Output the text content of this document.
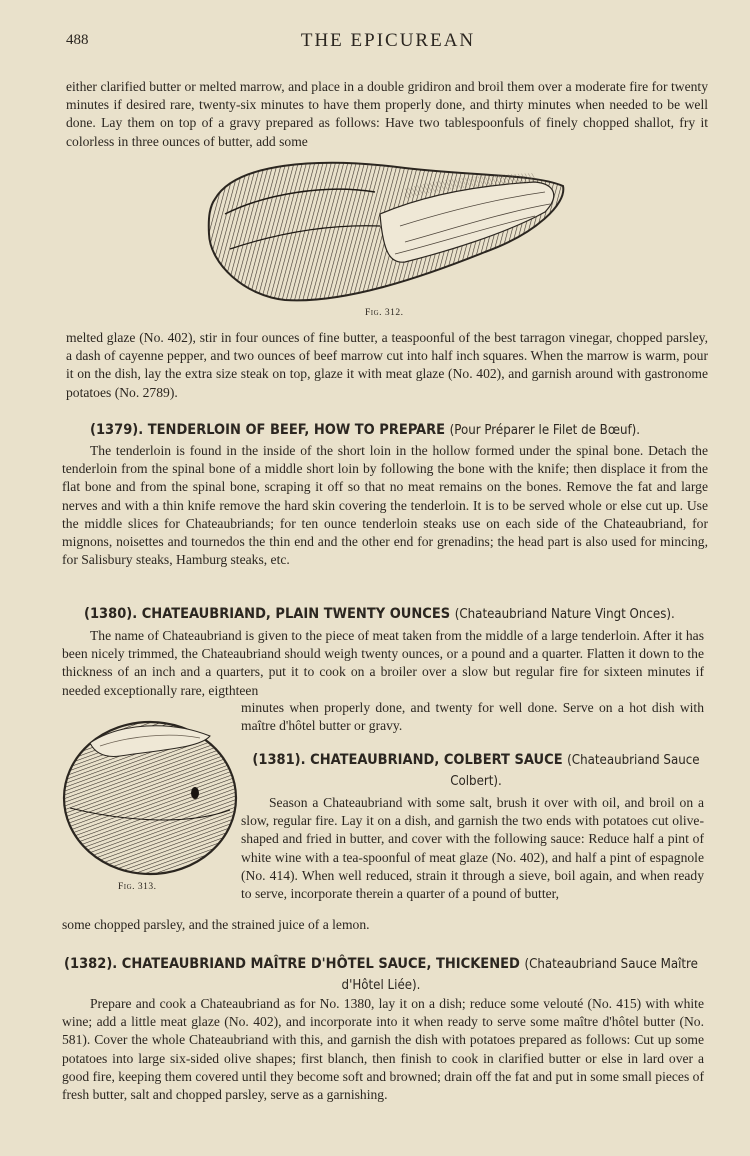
488	THE EPICUREAN

either clarified butter or melted marrow, and place in a double gridiron and broil them over a moderate fire for twenty minutes if desired rare, twenty-six minutes to have them properly done, and thirty minutes when needed to be well done. Lay them on top of a gravy prepared as follows: Have two tablespoonfuls of finely chopped shallot, fry it colorless in three ounces of butter, add some

Fig. 312.

melted glaze (No. 402), stir in four ounces of fine butter, a teaspoonful of the best tarragon vinegar, chopped parsley, a dash of cayenne pepper, and two ounces of beef marrow cut into half inch squares. When the marrow is warm, pour it on the dish, lay the extra size steak on top, glaze it with meat glaze (No. 402), and garnish around with gastronome potatoes (No. 2789).

(1379). TENDERLOIN OF BEEF, HOW TO PREPARE (Pour Préparer le Filet de Bœuf).

The tenderloin is found in the inside of the short loin in the hollow formed under the spinal bone. Detach the tenderloin from the spinal bone of a middle short loin by following the bone with the knife; then displace it from the flat bone and from the spinal bone, scraping it off so that no meat remains on the bones. Remove the fat and large nerves and with a thin knife remove the hard skin covering the tenderloin. It is to be served whole or else cut up. Use the middle slices for Chateaubriands; for ten ounce tenderloin steaks use on each side of the Chateaubriand, for mignons, noisettes and tournedos the thin end and the other end for grenadins; the head part is also used for mincing, for Salisbury steaks, Hamburg steaks, etc.

(1380). CHATEAUBRIAND, PLAIN TWENTY OUNCES (Chateaubriand Nature Vingt Onces).

The name of Chateaubriand is given to the piece of meat taken from the middle of a large tenderloin. After it has been nicely trimmed, the Chateaubriand should weigh twenty ounces, or a pound and a quarter. Flatten it down to the thickness of an inch and a quarters, put it to cook on a broiler over a slow but regular fire for sixteen minutes if needed exceptionally rare, eigthteen

minutes when properly done, and twenty for well done. Serve on a hot dish with maître d'hôtel butter or gravy.

Fig. 313.
(1381). CHATEAUBRIAND, COLBERT SAUCE (Chateaubriand Sauce Colbert).

Season a Chateaubriand with some salt, brush it over with oil, and broil on a slow, regular fire. Lay it on a dish, and garnish the two ends with potatoes cut olive-shaped and fried in butter, and cover with the following sauce: Reduce half a pint of white wine with a tea-spoonful of meat glaze (No. 402), and half a pint of espagnole (No. 414). When well reduced, strain it through a sieve, boil again, and when ready to serve, incorporate therein a quarter of a pound of butter,

some chopped parsley, and the strained juice of a lemon.

(1382). CHATEAUBRIAND MAÎTRE D'HÔTEL SAUCE, THICKENED (Chateaubriand Sauce Maître d'Hôtel Liée).

Prepare and cook a Chateaubriand as for No. 1380, lay it on a dish; reduce some velouté (No. 415) with white wine; add a little meat glaze (No. 402), and incorporate into it when ready to serve some maître d'hôtel butter (No. 581). Cover the whole Chateaubriand with this, and garnish the dish with potatoes prepared as follows: Cut up some potatoes into large six-sided olive shapes; first blanch, then finish to cook in clarified butter or else in lard over a good fire, keeping them covered until they become soft and browned; drain off the fat and put in some small pieces of fresh butter, salt and chopped parsley, serve as a garnishing.
